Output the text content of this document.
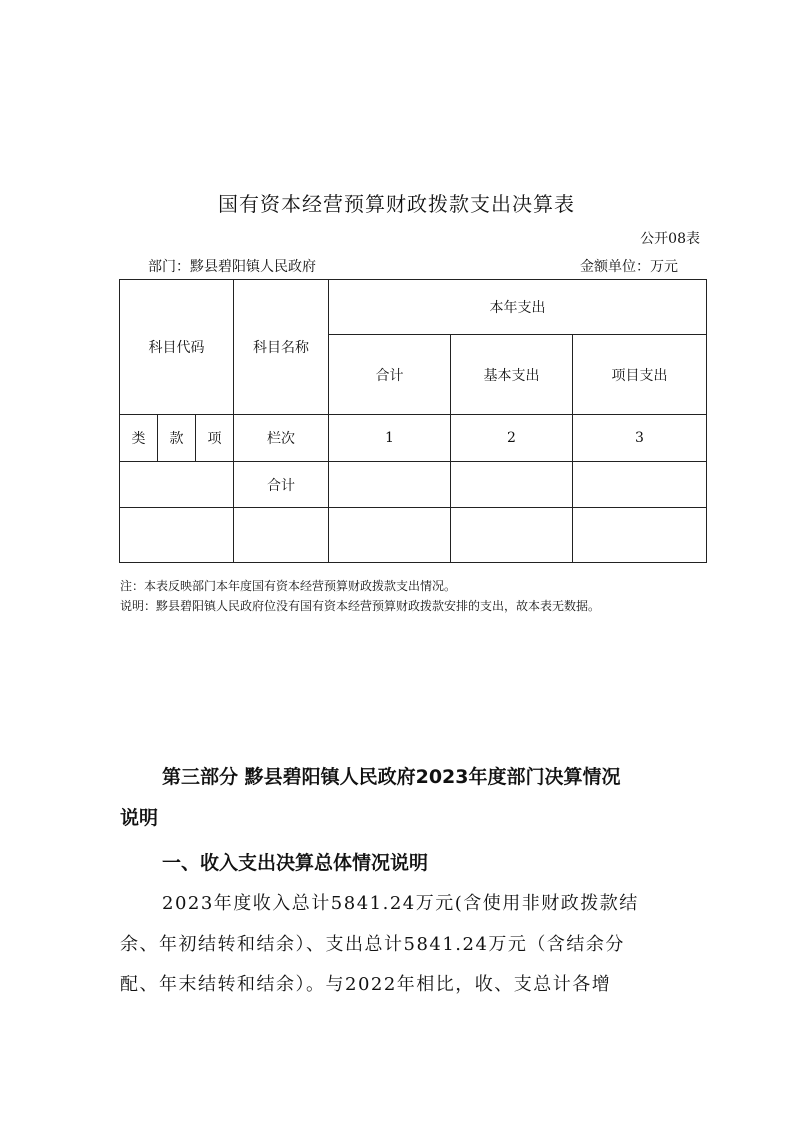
国有资本经营预算财政拨款支出决算表
公开08表
部门：黟县碧阳镇人民政府	金额单位：万元
科目代码			科目名称	本年支出		
				合计	基本支出	项目支出
类	款	项	栏次	1	2	3
			合计			

注：本表反映部门本年度国有资本经营预算财政拨款支出情况。
说明：黟县碧阳镇人民政府位没有国有资本经营预算财政拨款安排的支出，故本表无数据。
第三部分 黟县碧阳镇人民政府2023年度部门决算情况
说明
一、收入支出决算总体情况说明
2023年度收入总计5841.24万元(含使用非财政拨款结
余、年初结转和结余）、支出总计5841.24万元（含结余分
配、年末结转和结余）。与2022年相比，收、支总计各增
